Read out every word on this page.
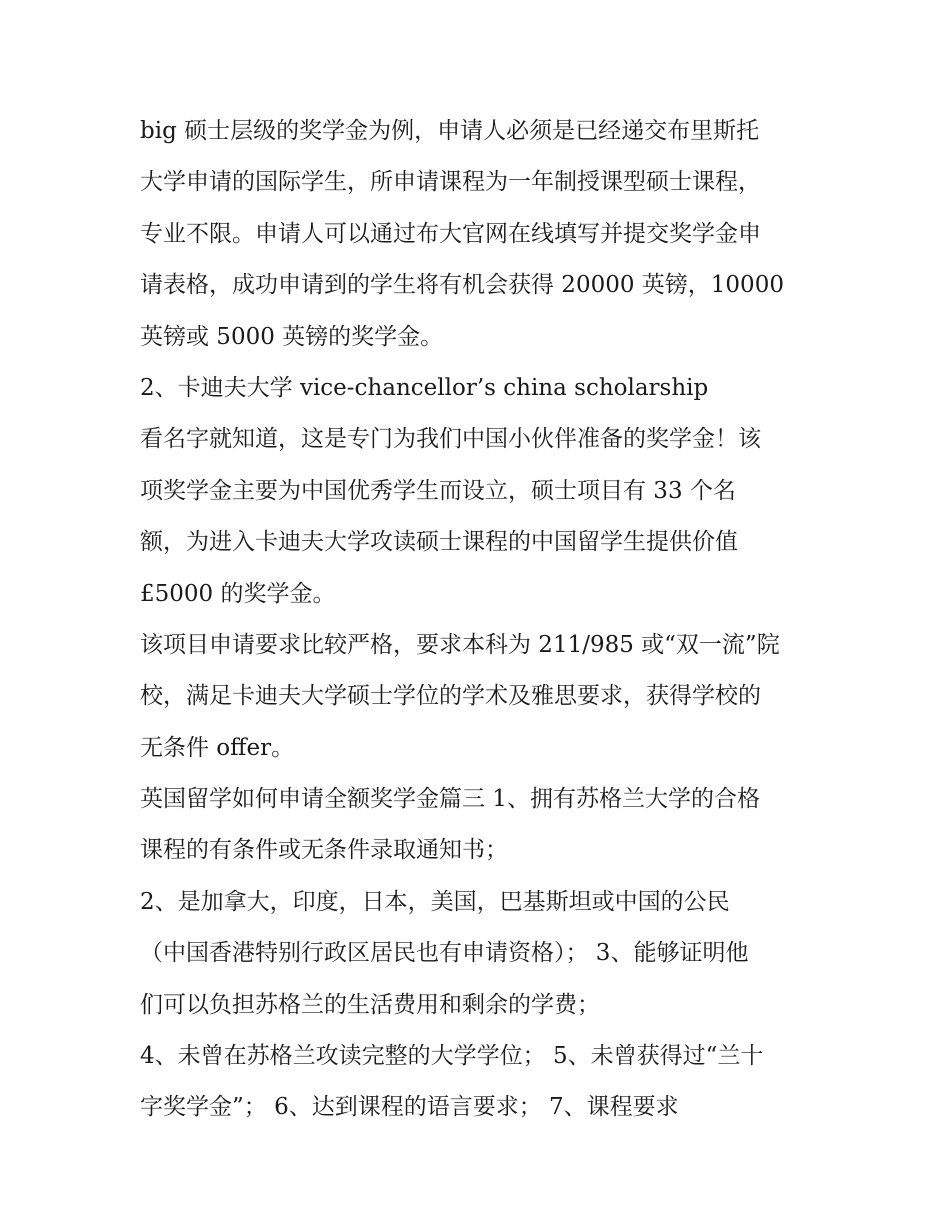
big 硕士层级的奖学金为例，申请人必须是已经递交布里斯托
大学申请的国际学生，所申请课程为一年制授课型硕士课程，
专业不限。申请人可以通过布大官网在线填写并提交奖学金申
请表格，成功申请到的学生将有机会获得 20000 英镑，10000
英镑或 5000 英镑的奖学金。
2、卡迪夫大学 vice-chancellor’s china scholarship
看名字就知道，这是专门为我们中国小伙伴准备的奖学金！该
项奖学金主要为中国优秀学生而设立，硕士项目有 33 个名
额，为进入卡迪夫大学攻读硕士课程的中国留学生提供价值
£5000 的奖学金。
该项目申请要求比较严格，要求本科为 211/985 或“双一流”院
校，满足卡迪夫大学硕士学位的学术及雅思要求，获得学校的
无条件 offer。
英国留学如何申请全额奖学金篇三 1、拥有苏格兰大学的合格
课程的有条件或无条件录取通知书；
2、是加拿大，印度，日本，美国，巴基斯坦或中国的公民
（中国香港特别行政区居民也有申请资格）； 3、能够证明他
们可以负担苏格兰的生活费用和剩余的学费；
4、未曾在苏格兰攻读完整的大学学位； 5、未曾获得过“兰十
字奖学金”； 6、达到课程的语言要求； 7、课程要求
